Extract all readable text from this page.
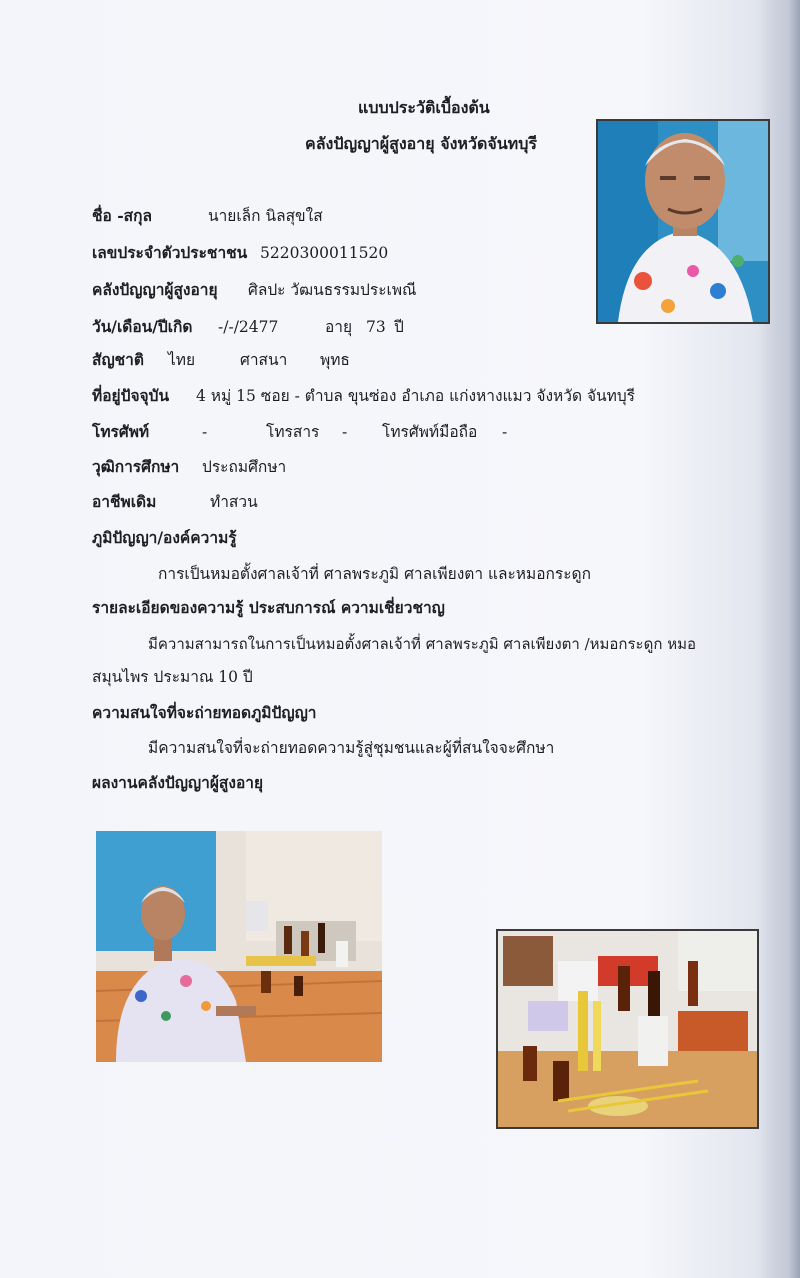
แบบประวัติเบื้องต้น
คลังปัญญาผู้สูงอายุ จังหวัดจันทบุรี
ชื่อ -สกุล	นายเล็ก นิลสุขใส
เลขประจำตัวประชาชน 5220300011520
คลังปัญญาผู้สูงอายุ ศิลปะ วัฒนธรรมประเพณี
วัน/เดือน/ปีเกิด -/-/2477	อายุ 73 ปี
สัญชาติ ไทย	ศาสนา พุทธ
ที่อยู่ปัจจุบัน 4 หมู่ 15 ซอย - ตำบล ขุนซ่อง อำเภอ แก่งหางแมว จังหวัด จันทบุรี
โทรศัพท์	-	โทรสาร - โทรศัพท์มือถือ -
วุฒิการศึกษา ประถมศึกษา
อาชีพเดิม	ทำสวน
ภูมิปัญญา/องค์ความรู้
การเป็นหมอตั้งศาลเจ้าที่ ศาลพระภูมิ ศาลเพียงตา และหมอกระดูก
รายละเอียดของความรู้ ประสบการณ์ ความเชี่ยวชาญ
มีความสามารถในการเป็นหมอตั้งศาลเจ้าที่ ศาลพระภูมิ ศาลเพียงตา /หมอกระดูก หมอ
สมุนไพร ประมาณ 10 ปี
ความสนใจที่จะถ่ายทอดภูมิปัญญา
มีความสนใจที่จะถ่ายทอดความรู้สู่ชุมชนและผู้ที่สนใจจะศึกษา
ผลงานคลังปัญญาผู้สูงอายุ
